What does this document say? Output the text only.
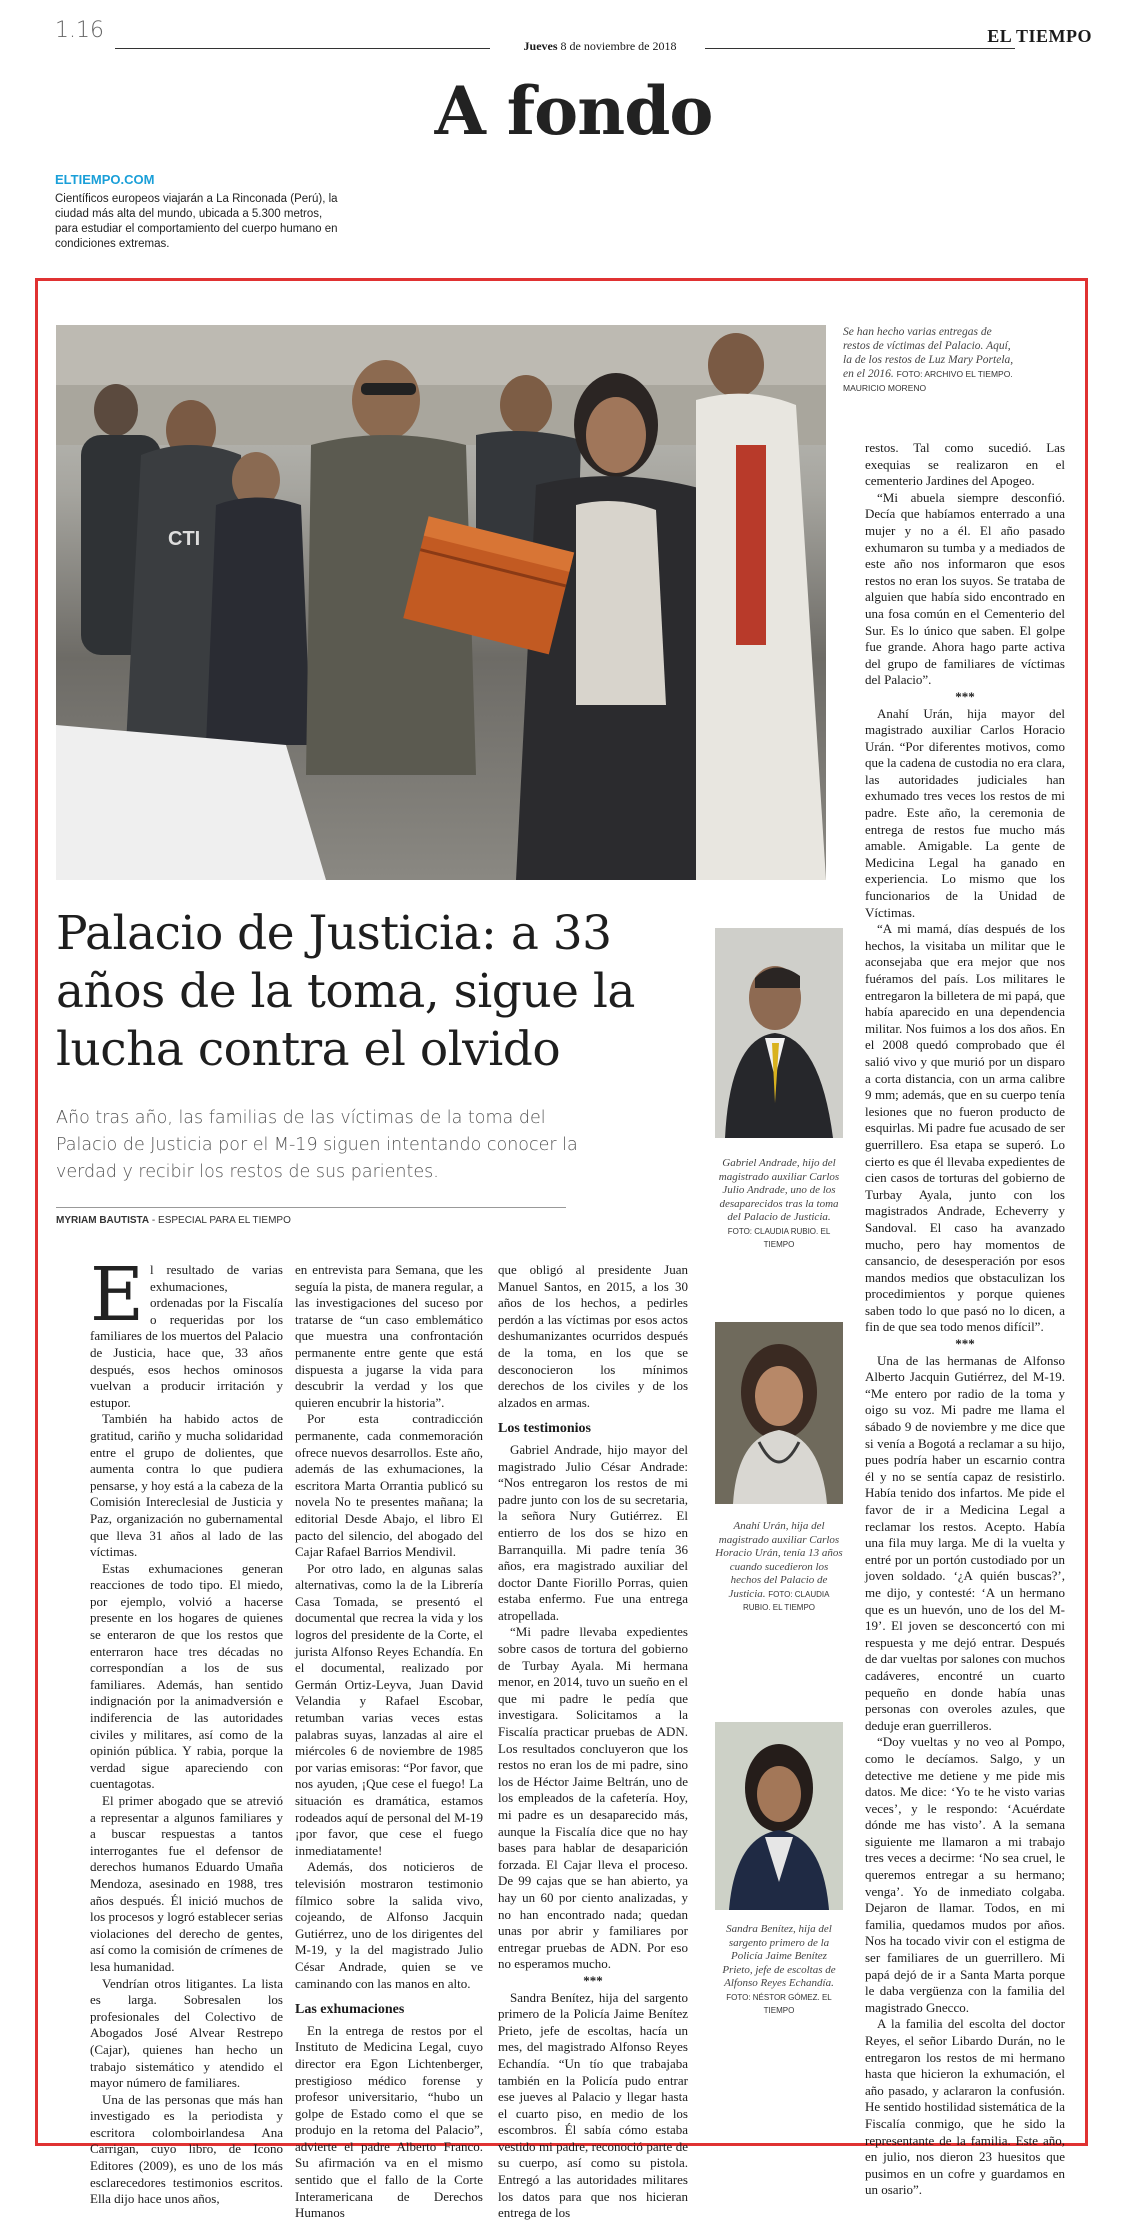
1.16
Jueves 8 de noviembre de 2018	EL TIEMPO
A fondo
ELTIEMPO.COM
Científicos europeos viajarán a La Rinconada (Perú), la ciudad más alta del mundo, ubicada a 5.300 metros, para estudiar el comportamiento del cuerpo humano en condiciones extremas.
CTI
Se han hecho varias entregas de restos de víctimas del Palacio. Aquí, la de los restos de Luz Mary Portela, en el 2016. FOTO: ARCHIVO EL TIEMPO. MAURICIO MORENO
Palacio de Justicia: a 33 años de la toma, sigue la lucha contra el olvido
Año tras año, las familias de las víctimas de la toma del Palacio de Justicia por el M-19 siguen intentando conocer la verdad y recibir los restos de sus parientes.
MYRIAM BAUTISTA - ESPECIAL PARA EL TIEMPO
E l resultado de varias exhumaciones, ordenadas por la Fiscalía o requeridas por los familiares de los muertos del Palacio de Justicia, hace que, 33 años después, esos hechos ominosos vuelvan a producir irritación y estupor.

También ha habido actos de gratitud, cariño y mucha solidaridad entre el grupo de dolientes, que aumenta contra lo que pudiera pensarse, y hoy está a la cabeza de la Comisión Intereclesial de Justicia y Paz, organización no gubernamental que lleva 31 años al lado de las víctimas.

Estas exhumaciones generan reacciones de todo tipo. El miedo, por ejemplo, volvió a hacerse presente en los hogares de quienes se enteraron de que los restos que enterraron hace tres décadas no correspondían a los de sus familiares. Además, han sentido indignación por la animadversión e indiferencia de las autoridades civiles y militares, así como de la opinión pública. Y rabia, porque la verdad sigue apareciendo con cuentagotas.

El primer abogado que se atrevió a representar a algunos familiares y a buscar respuestas a tantos interrogantes fue el defensor de derechos humanos Eduardo Umaña Mendoza, asesinado en 1988, tres años después. Él inició muchos de los procesos y logró establecer serias violaciones del derecho de gentes, así como la comisión de crímenes de lesa humanidad.

Vendrían otros litigantes. La lista es larga. Sobresalen los profesionales del Colectivo de Abogados José Alvear Restrepo (Cajar), quienes han hecho un trabajo sistemático y atendido el mayor número de familiares.

Una de las personas que más han investigado es la periodista y escritora colomboirlandesa Ana Carrigan, cuyo libro, de Icono Editores (2009), es uno de los más esclarecedores testimonios escritos. Ella dijo hace unos años,

en entrevista para Semana, que les seguía la pista, de manera regular, a las investigaciones del suceso por tratarse de “un caso emblemático que muestra una confrontación permanente entre gente que está dispuesta a jugarse la vida para descubrir la verdad y los que quieren encubrir la historia”.

Por esta contradicción permanente, cada conmemoración ofrece nuevos desarrollos. Este año, además de las exhumaciones, la escritora Marta Orrantia publicó su novela No te presentes mañana; la editorial Desde Abajo, el libro El pacto del silencio, del abogado del Cajar Rafael Barrios Mendivil.

Por otro lado, en algunas salas alternativas, como la de la Librería Casa Tomada, se presentó el documental que recrea la vida y los logros del presidente de la Corte, el jurista Alfonso Reyes Echandía. En el documental, realizado por Germán Ortiz-Leyva, Juan David Velandia y Rafael Escobar, retumban varias veces estas palabras suyas, lanzadas al aire el miércoles 6 de noviembre de 1985 por varias emisoras: “Por favor, que nos ayuden, ¡Que cese el fuego! La situación es dramática, estamos rodeados aquí de personal del M-19 ¡por favor, que cese el fuego inmediatamente!

Además, dos noticieros de televisión mostraron testimonio fílmico sobre la salida vivo, cojeando, de Alfonso Jacquin Gutiérrez, uno de los dirigentes del M-19, y la del magistrado Julio César Andrade, quien se ve caminando con las manos en alto.

Las exhumaciones

En la entrega de restos por el Instituto de Medicina Legal, cuyo director era Egon Lichtenberger, prestigioso médico forense y profesor universitario, “hubo un golpe de Estado como el que se produjo en la retoma del Palacio”, advierte el padre Alberto Franco. Su afirmación va en el mismo sentido que el fallo de la Corte Interamericana de Derechos Humanos

que obligó al presidente Juan Manuel Santos, en 2015, a los 30 años de los hechos, a pedirles perdón a las víctimas por esos actos deshumanizantes ocurridos después de la toma, en los que se desconocieron los mínimos derechos de los civiles y de los alzados en armas.

Los testimonios

Gabriel Andrade, hijo mayor del magistrado Julio César Andrade: “Nos entregaron los restos de mi padre junto con los de su secretaria, la señora Nury Gutiérrez. El entierro de los dos se hizo en Barranquilla. Mi padre tenía 36 años, era magistrado auxiliar del doctor Dante Fiorillo Porras, quien estaba enfermo. Fue una entrega atropellada.

“Mi padre llevaba expedientes sobre casos de tortura del gobierno de Turbay Ayala. Mi hermana menor, en 2014, tuvo un sueño en el que mi padre le pedía que investigara. Solicitamos a la Fiscalía practicar pruebas de ADN. Los resultados concluyeron que los restos no eran los de mi padre, sino los de Héctor Jaime Beltrán, uno de los empleados de la cafetería. Hoy, mi padre es un desaparecido más, aunque la Fiscalía dice que no hay bases para hablar de desaparición forzada. El Cajar lleva el proceso. De 99 cajas que se han abierto, ya hay un 60 por ciento analizadas, y no han encontrado nada; quedan unas por abrir y familiares por entregar pruebas de ADN. Por eso no esperamos mucho.

***

Sandra Benítez, hija del sargento primero de la Policía Jaime Benítez Prieto, jefe de escoltas, hacía un mes, del magistrado Alfonso Reyes Echandía. “Un tío que trabajaba también en la Policía pudo entrar ese jueves al Palacio y llegar hasta el cuarto piso, en medio de los escombros. Él sabía cómo estaba vestido mi padre, reconoció parte de su cuerpo, así como su pistola. Entregó a las autoridades militares los datos para que nos hicieran entrega de los

restos. Tal como sucedió. Las exequias se realizaron en el cementerio Jardines del Apogeo.

“Mi abuela siempre desconfió. Decía que habíamos enterrado a una mujer y no a él. El año pasado exhumaron su tumba y a mediados de este año nos informaron que esos restos no eran los suyos. Se trataba de alguien que había sido encontrado en una fosa común en el Cementerio del Sur. Es lo único que saben. El golpe fue grande. Ahora hago parte activa del grupo de familiares de víctimas del Palacio”.

***

Anahí Urán, hija mayor del magistrado auxiliar Carlos Horacio Urán. “Por diferentes motivos, como que la cadena de custodia no era clara, las autoridades judiciales han exhumado tres veces los restos de mi padre. Este año, la ceremonia de entrega de restos fue mucho más amable. Amigable. La gente de Medicina Legal ha ganado en experiencia. Lo mismo que los funcionarios de la Unidad de Víctimas.

“A mi mamá, días después de los hechos, la visitaba un militar que le aconsejaba que era mejor que nos fuéramos del país. Los militares le entregaron la billetera de mi papá, que había aparecido en una dependencia militar. Nos fuimos a los dos años. En el 2008 quedó comprobado que él salió vivo y que murió por un disparo a corta distancia, con un arma calibre 9 mm; además, que en su cuerpo tenía lesiones que no fueron producto de esquirlas. Mi padre fue acusado de ser guerrillero. Esa etapa se superó. Lo cierto es que él llevaba expedientes de cien casos de torturas del gobierno de Turbay Ayala, junto con los magistrados Andrade, Echeverry y Sandoval. El caso ha avanzado mucho, pero hay momentos de cansancio, de desesperación por esos mandos medios que obstaculizan los procedimientos y porque quienes saben todo lo que pasó no lo dicen, a fin de que sea todo menos difícil”.

***

Una de las hermanas de Alfonso Alberto Jacquin Gutiérrez, del M-19. “Me entero por radio de la toma y oigo su voz. Mi padre me llama el sábado 9 de noviembre y me dice que si venía a Bogotá a reclamar a su hijo, pues podría haber un escarnio contra él y no se sentía capaz de resistirlo. Había tenido dos infartos. Me pide el favor de ir a Medicina Legal a reclamar los restos. Acepto. Había una fila muy larga. Me di la vuelta y entré por un portón custodiado por un joven soldado. ‘¿A quién buscas?’, me dijo, y contesté: ‘A un hermano que es un huevón, uno de los del M-19’. El joven se desconcertó con mi respuesta y me dejó entrar. Después de dar vueltas por salones con muchos cadáveres, encontré un cuarto pequeño en donde había unas personas con overoles azules, que deduje eran guerrilleros.

“Doy vueltas y no veo al Pompo, como le decíamos. Salgo, y un detective me detiene y me pide mis datos. Me dice: ‘Yo te he visto varias veces’, y le respondo: ‘Acuérdate dónde me has visto’. A la semana siguiente me llamaron a mi trabajo tres veces a decirme: ‘No sea cruel, le queremos entregar a su hermano; venga’. Yo de inmediato colgaba. Dejaron de llamar. Todos, en mi familia, quedamos mudos por años. Nos ha tocado vivir con el estigma de ser familiares de un guerrillero. Mi papá dejó de ir a Santa Marta porque le daba vergüenza con la familia del magistrado Gnecco.

A la familia del escolta del doctor Reyes, el señor Libardo Durán, no le entregaron los restos de mi hermano hasta que hicieron la exhumación, el año pasado, y aclararon la confusión. He sentido hostilidad sistemática de la Fiscalía conmigo, que he sido la representante de la familia. Este año, en julio, nos dieron 23 huesitos que pusimos en un cofre y guardamos en un osario”.

Gabriel Andrade, hijo del magistrado auxiliar Carlos Julio Andrade, uno de los desaparecidos tras la toma del Palacio de Justicia. FOTO: CLAUDIA RUBIO. EL TIEMPO
Anahí Urán, hija del magistrado auxiliar Carlos Horacio Urán, tenía 13 años cuando sucedieron los hechos del Palacio de Justicia. FOTO: CLAUDIA RUBIO. EL TIEMPO
Sandra Benítez, hija del sargento primero de la Policía Jaime Benítez Prieto, jefe de escoltas de Alfonso Reyes Echandía. FOTO: NÉSTOR GÓMEZ. EL TIEMPO
